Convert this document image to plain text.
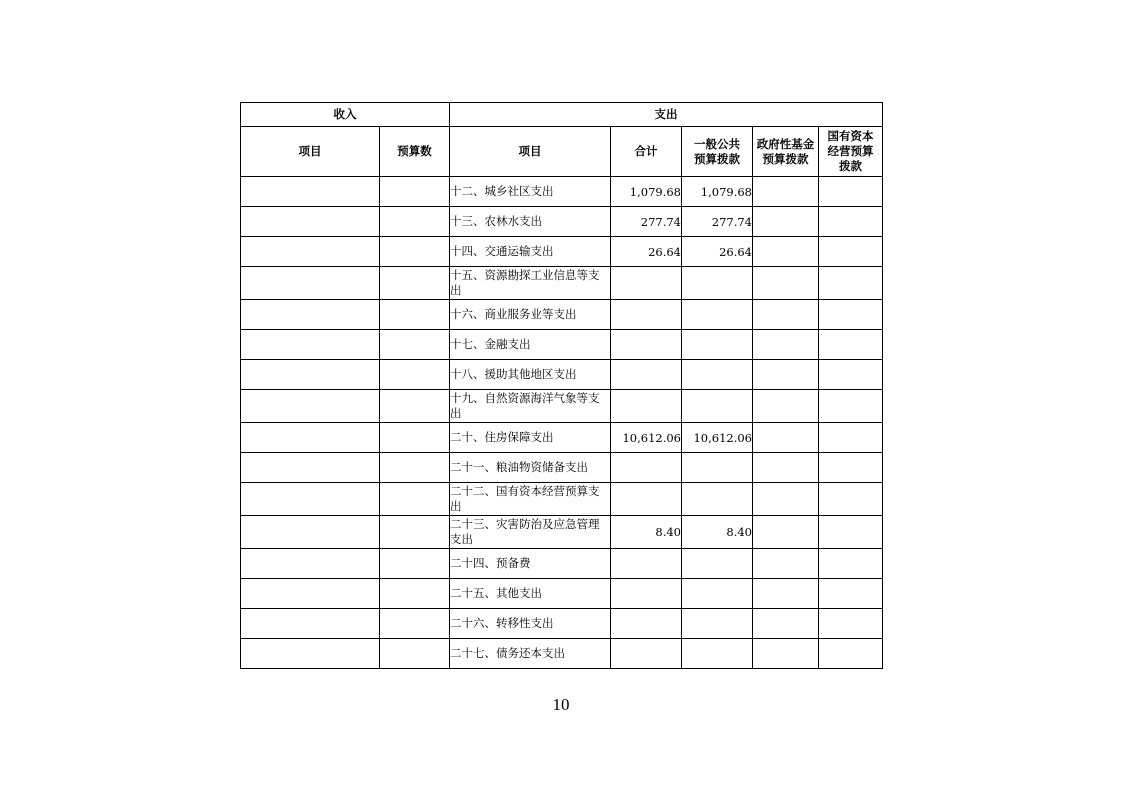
收入		支出				
项目	预算数	项目	合计	一般公共预算拨款	政府性基金预算拨款	国有资本经营预算拨款
		十二、城乡社区支出	1,079.68	1,079.68		
		十三、农林水支出	277.74	277.74		
		十四、交通运输支出	26.64	26.64		
		十五、资源勘探工业信息等支出				
		十六、商业服务业等支出				
		十七、金融支出				
		十八、援助其他地区支出				
		十九、自然资源海洋气象等支出				
		二十、住房保障支出	10,612.06	10,612.06		
		二十一、粮油物资储备支出				
		二十二、国有资本经营预算支出				
		二十三、灾害防治及应急管理支出	8.40	8.40		
		二十四、预备费				
		二十五、其他支出				
		二十六、转移性支出				
		二十七、债务还本支出				
10
